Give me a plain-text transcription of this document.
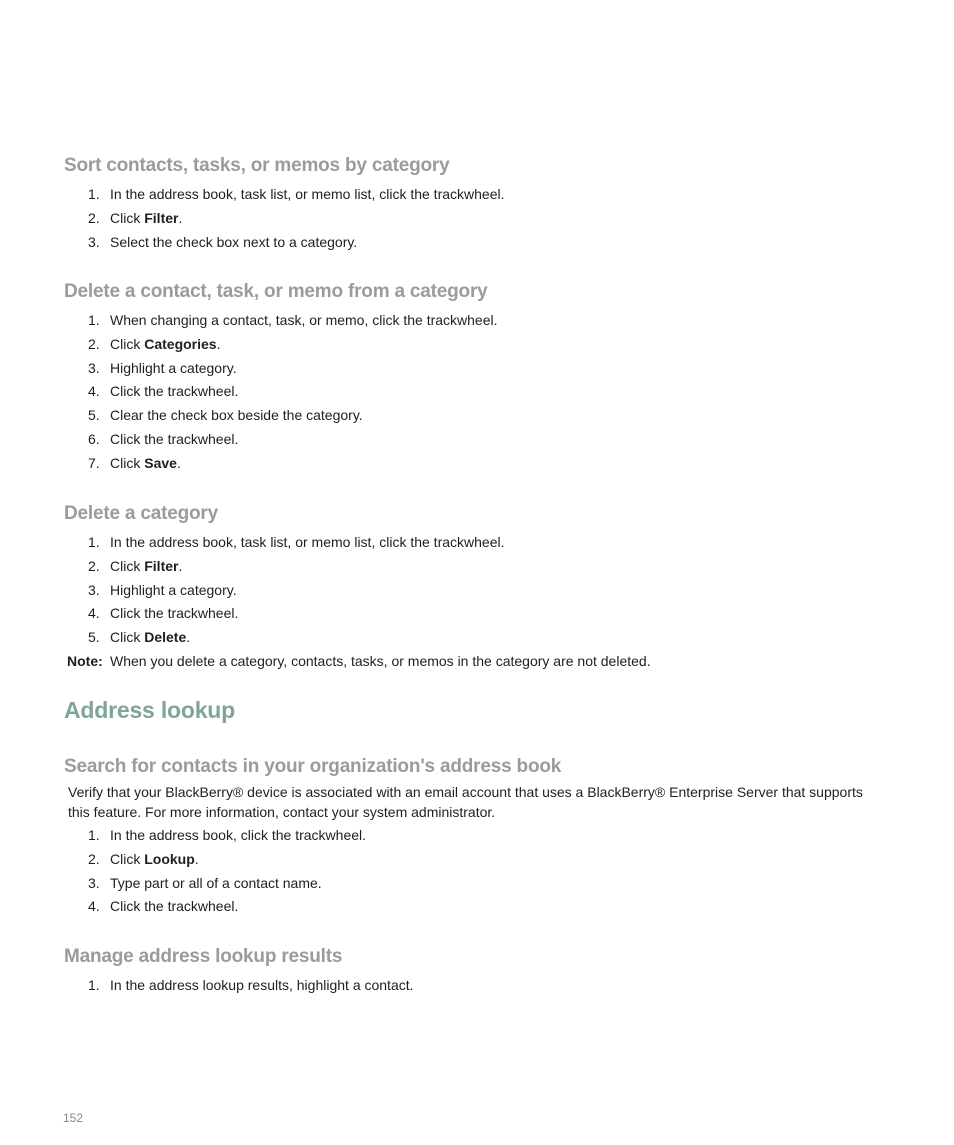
Sort contacts, tasks, or memos by category
1. In the address book, task list, or memo list, click the trackwheel.
2. Click Filter.
3. Select the check box next to a category.
Delete a contact, task, or memo from a category
1. When changing a contact, task, or memo, click the trackwheel.
2. Click Categories.
3. Highlight a category.
4. Click the trackwheel.
5. Clear the check box beside the category.
6. Click the trackwheel.
7. Click Save.
Delete a category
1. In the address book, task list, or memo list, click the trackwheel.
2. Click Filter.
3. Highlight a category.
4. Click the trackwheel.
5. Click Delete.
Note: When you delete a category, contacts, tasks, or memos in the category are not deleted.
Address lookup
Search for contacts in your organization's address book

Verify that your BlackBerry® device is associated with an email account that uses a BlackBerry® Enterprise Server that supports this feature. For more information, contact your system administrator.

1. In the address book, click the trackwheel.
2. Click Lookup.
3. Type part or all of a contact name.
4. Click the trackwheel.
Manage address lookup results
1. In the address lookup results, highlight a contact.
152
